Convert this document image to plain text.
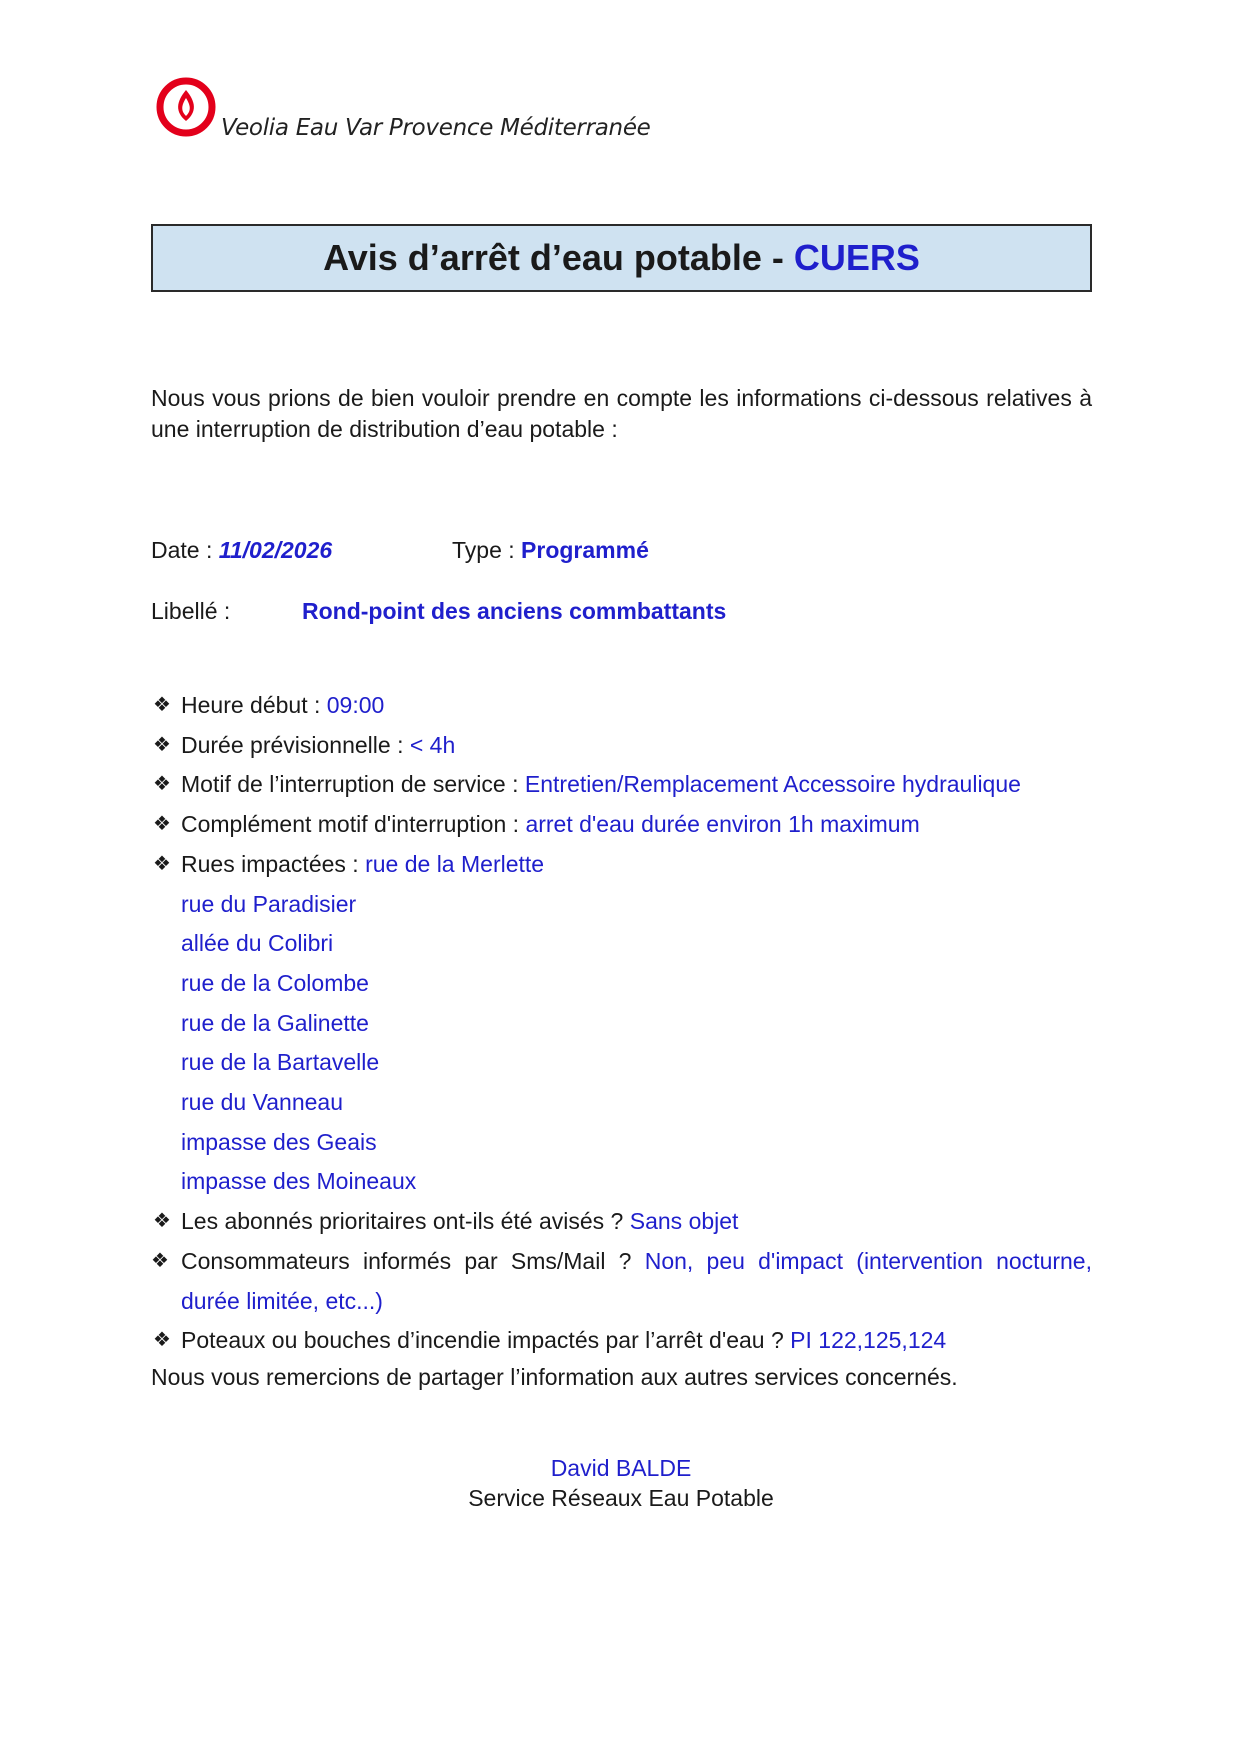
Veolia Eau Var Provence Méditerranée
Avis d’arrêt d’eau potable - CUERS
Nous vous prions de bien vouloir prendre en compte les informations ci-dessous relatives à une interruption de distribution d’eau potable :
Date : 11/02/2026	Type : Programmé
Libellé :	Rond-point des anciens commbattants
❖ Heure début : 09:00
❖ Durée prévisionnelle : < 4h
❖ Motif de l’interruption de service : Entretien/Remplacement Accessoire hydraulique
❖ Complément motif d'interruption : arret d'eau durée environ 1h maximum
❖ Rues impactées : rue de la Merlette
rue du Paradisier
allée du Colibri
rue de la Colombe
rue de la Galinette
rue de la Bartavelle
rue du Vanneau
impasse des Geais
impasse des Moineaux
❖ Les abonnés prioritaires ont-ils été avisés ? Sans objet
❖ Consommateurs informés par Sms/Mail ? Non, peu d'impact (intervention nocturne, durée limitée, etc...)
❖ Poteaux ou bouches d’incendie impactés par l’arrêt d'eau ? PI 122,125,124
Nous vous remercions de partager l’information aux autres services concernés.
David BALDE
Service Réseaux Eau Potable
